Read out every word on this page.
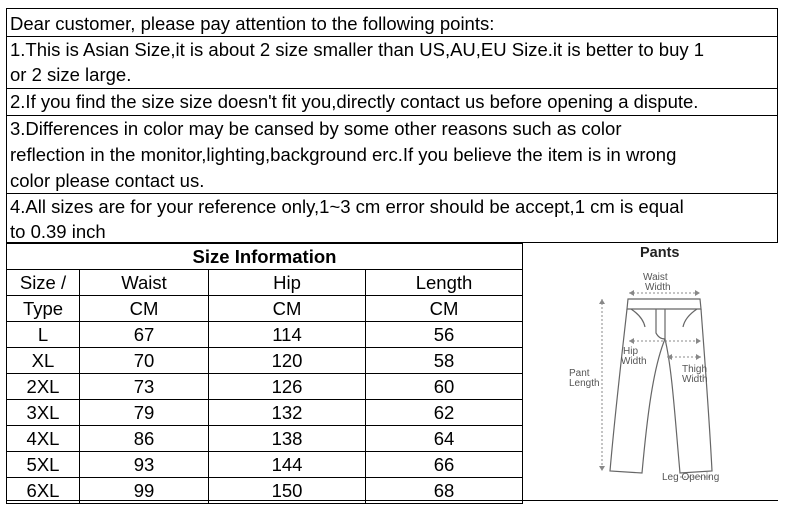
Dear customer, please pay attention to the following points:
1.This is Asian Size,it is about 2 size smaller than US,AU,EU Size.it is better to buy 1
or 2 size large.
2.If you find the size size doesn't fit you,directly contact us before opening a dispute.
3.Differences in color may be cansed by some other reasons such as color
reflection in the monitor,lighting,background erc.If you believe the item is in wrong
color please contact us.
4.All sizes are for your reference only,1~3 cm error should be accept,1 cm is equal
to 0.39 inch
Size Information			
Size /	Waist	Hip	Length
Type	CM	CM	CM
L	67	114	56
XL	70	120	58
2XL	73	126	60
3XL	79	132	62
4XL	86	138	64
5XL	93	144	66
6XL	99	150	68
Pants
Waist
Width
Hip
Width
Thigh
Width
Pant
Length
Leg Opening
